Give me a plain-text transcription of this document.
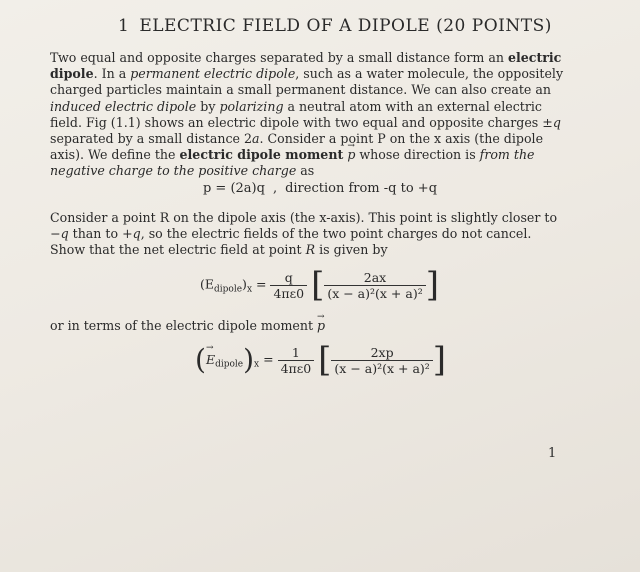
1 ELECTRIC FIELD OF A DIPOLE (20 POINTS)
Two equal and opposite charges separated by a small distance form an electric dipole. In a permanent electric dipole, such as a water molecule, the oppositely charged particles maintain a small permanent distance. We can also create an induced electric dipole by polarizing a neutral atom with an external electric field. Fig (1.1) shows an electric dipole with two equal and opposite charges ±q separated by a small distance 2a. Consider a point P on the x axis (the dipole axis). We define the electric dipole moment → p whose direction is from the negative charge to the positive charge as
p = (2a)q , direction from -q to +q
Consider a point R on the dipole axis (the x-axis). This point is slightly closer to −q than to +q, so the electric fields of the two point charges do not cancel. Show that the net electric field at point R is given by
$(E_{dipole})_x = \frac{q}{4\pi\varepsilon 0}$ [ $\frac{2ax}{\text{(x − a)²(x + a)²}}$ ]
or in terms of the electric dipole moment → p
(→ $E_{dipole})_x = \frac{1}{4\pi\varepsilon 0}$ [ $\frac{2xp}{\text{(x − a)²(x + a)²}}$ ]
1
